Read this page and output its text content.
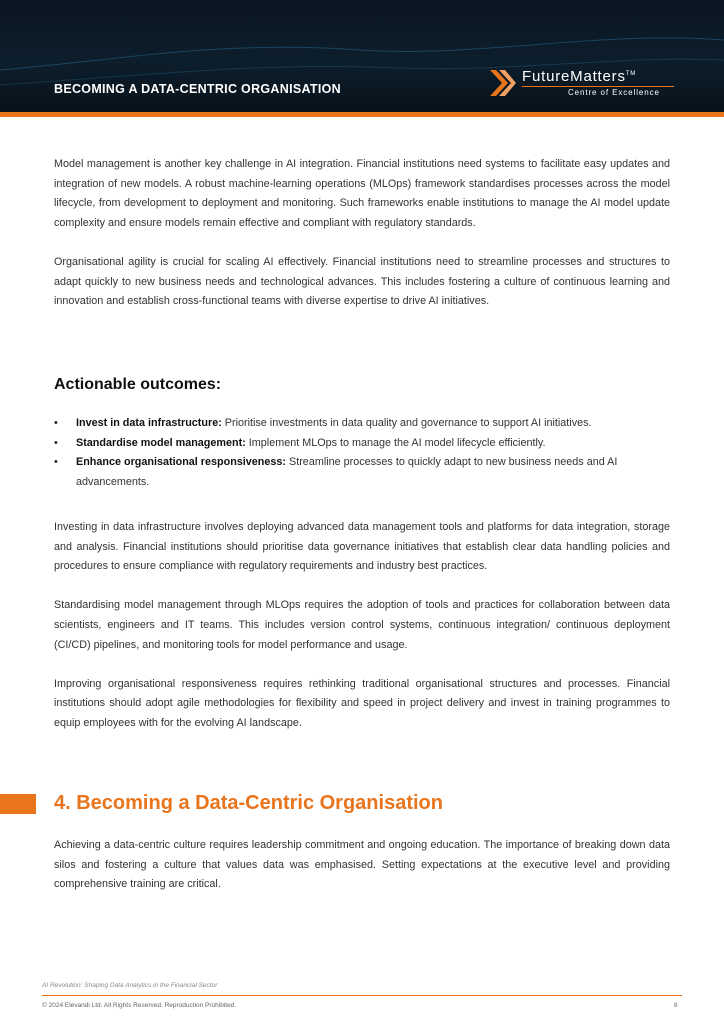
BECOMING A DATA-CENTRIC ORGANISATION
FutureMatters™
Centre of Excellence

Model management is another key challenge in AI integration. Financial institutions need systems to facilitate easy updates and integration of new models. A robust machine-learning operations (MLOps) framework standardises processes across the model lifecycle, from development to deployment and monitoring. Such frameworks enable institutions to manage the AI model update complexity and ensure models remain effective and compliant with regulatory standards.

Organisational agility is crucial for scaling AI effectively. Financial institutions need to streamline processes and structures to adapt quickly to new business needs and technological advances. This includes fostering a culture of continuous learning and innovation and establish cross-functional teams with diverse expertise to drive AI initiatives.

Actionable outcomes:
• Invest in data infrastructure: Prioritise investments in data quality and governance to support AI initiatives.
• Standardise model management: Implement MLOps to manage the AI model lifecycle efficiently.
• Enhance organisational responsiveness: Streamline processes to quickly adapt to new business needs and AI advancements.

Investing in data infrastructure involves deploying advanced data management tools and platforms for data integration, storage and analysis. Financial institutions should prioritise data governance initiatives that establish clear data handling policies and procedures to ensure compliance with regulatory requirements and industry best practices.

Standardising model management through MLOps requires the adoption of tools and practices for collaboration between data scientists, engineers and IT teams. This includes version control systems, continuous integration/ continuous deployment (CI/CD) pipelines, and monitoring tools for model performance and usage.

Improving organisational responsiveness requires rethinking traditional organisational structures and processes. Financial institutions should adopt agile methodologies for flexibility and speed in project delivery and invest in training programmes to equip employees with for the evolving AI landscape.

4. Becoming a Data-Centric Organisation

Achieving a data-centric culture requires leadership commitment and ongoing education. The importance of breaking down data silos and fostering a culture that values data was emphasised. Setting expectations at the executive level and providing comprehensive training are critical.

AI Revolution: Shaping Data Analytics in the Financial Sector
© 2024 Elevandi Ltd. All Rights Reserved. Reproduction Prohibited.	8
